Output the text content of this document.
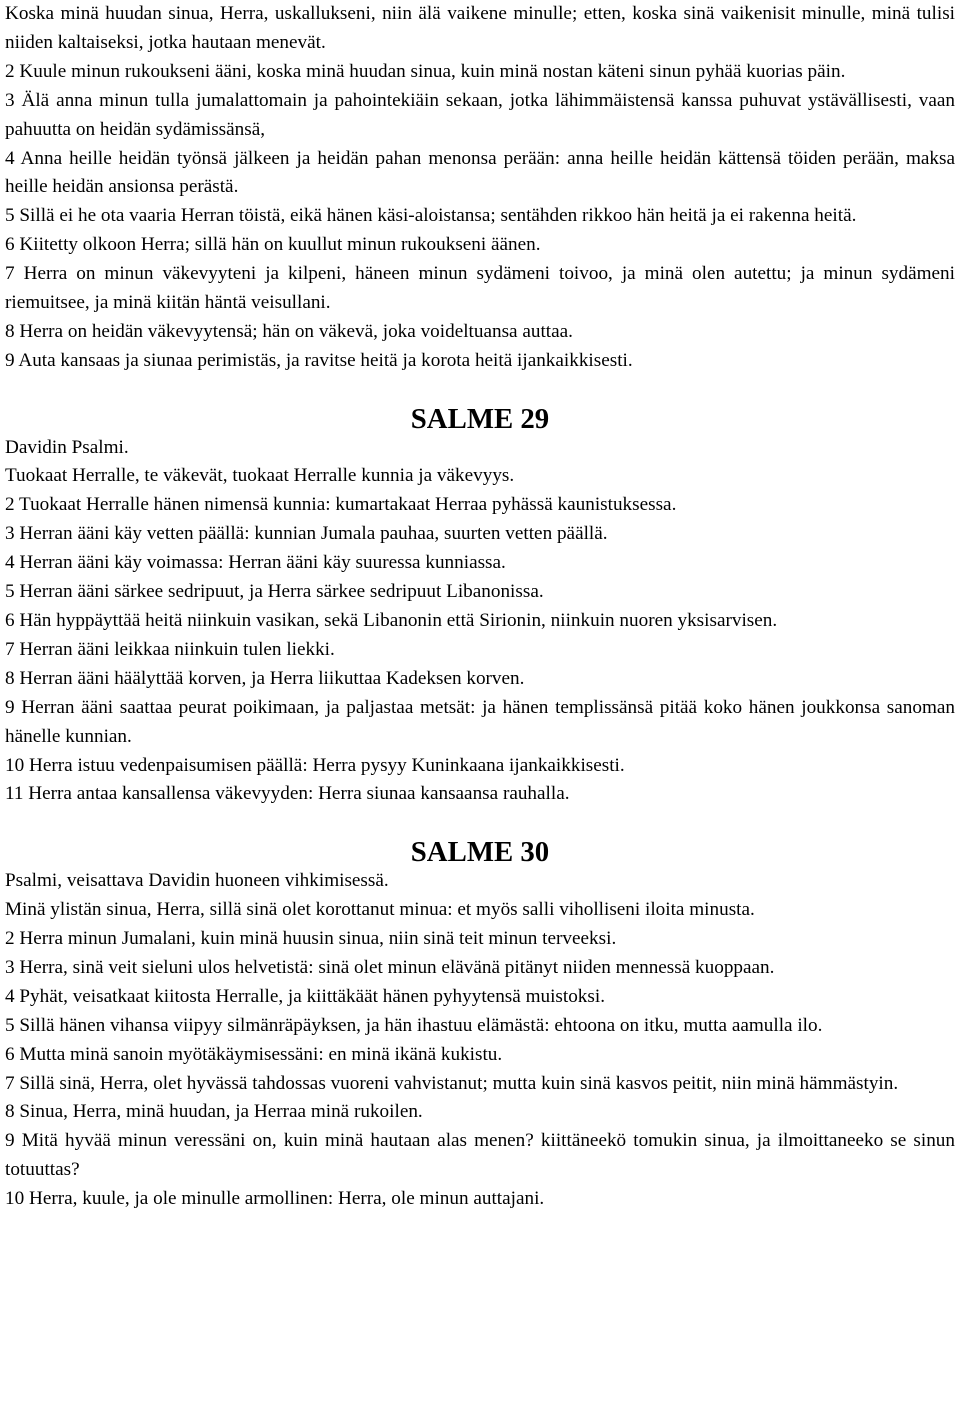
Koska minä huudan sinua, Herra, uskallukseni, niin älä vaikene minulle; etten, koska sinä vaikenisit minulle, minä tulisi niiden kaltaiseksi, jotka hautaan menevät.

2 Kuule minun rukoukseni ääni, koska minä huudan sinua, kuin minä nostan käteni sinun pyhää kuorias päin.

3 Älä anna minun tulla jumalattomain ja pahointekiäin sekaan, jotka lähimmäistensä kanssa puhuvat ystävällisesti, vaan pahuutta on heidän sydämissänsä,

4 Anna heille heidän työnsä jälkeen ja heidän pahan menonsa perään: anna heille heidän kättensä töiden perään, maksa heille heidän ansionsa perästä.

5 Sillä ei he ota vaaria Herran töistä, eikä hänen käsi-aloistansa; sentähden rikkoo hän heitä ja ei rakenna heitä.

6 Kiitetty olkoon Herra; sillä hän on kuullut minun rukoukseni äänen.

7 Herra on minun väkevyyteni ja kilpeni, häneen minun sydämeni toivoo, ja minä olen autettu; ja minun sydämeni riemuitsee, ja minä kiitän häntä veisullani.

8 Herra on heidän väkevyytensä; hän on väkevä, joka voideltuansa auttaa.

9 Auta kansaas ja siunaa perimistäs, ja ravitse heitä ja korota heitä ijankaikkisesti.

SALME 29

Davidin Psalmi.

Tuokaat Herralle, te väkevät, tuokaat Herralle kunnia ja väkevyys.

2 Tuokaat Herralle hänen nimensä kunnia: kumartakaat Herraa pyhässä kaunistuksessa.

3 Herran ääni käy vetten päällä: kunnian Jumala pauhaa, suurten vetten päällä.

4 Herran ääni käy voimassa: Herran ääni käy suuressa kunniassa.

5 Herran ääni särkee sedripuut, ja Herra särkee sedripuut Libanonissa.

6 Hän hyppäyttää heitä niinkuin vasikan, sekä Libanonin että Sirionin, niinkuin nuoren yksisarvisen.

7 Herran ääni leikkaa niinkuin tulen liekki.

8 Herran ääni häälyttää korven, ja Herra liikuttaa Kadeksen korven.

9 Herran ääni saattaa peurat poikimaan, ja paljastaa metsät: ja hänen templissänsä pitää koko hänen joukkonsa sanoman hänelle kunnian.

10 Herra istuu vedenpaisumisen päällä: Herra pysyy Kuninkaana ijankaikkisesti.

11 Herra antaa kansallensa väkevyyden: Herra siunaa kansaansa rauhalla.

SALME 30

Psalmi, veisattava Davidin huoneen vihkimisessä.

Minä ylistän sinua, Herra, sillä sinä olet korottanut minua: et myös salli viholliseni iloita minusta.

2 Herra minun Jumalani, kuin minä huusin sinua, niin sinä teit minun terveeksi.

3 Herra, sinä veit sieluni ulos helvetistä: sinä olet minun elävänä pitänyt niiden mennessä kuoppaan.

4 Pyhät, veisatkaat kiitosta Herralle, ja kiittäkäät hänen pyhyytensä muistoksi.

5 Sillä hänen vihansa viipyy silmänräpäyksen, ja hän ihastuu elämästä: ehtoona on itku, mutta aamulla ilo.

6 Mutta minä sanoin myötäkäymisessäni: en minä ikänä kukistu.

7 Sillä sinä, Herra, olet hyvässä tahdossas vuoreni vahvistanut; mutta kuin sinä kasvos peitit, niin minä hämmästyin.

8 Sinua, Herra, minä huudan, ja Herraa minä rukoilen.

9 Mitä hyvää minun veressäni on, kuin minä hautaan alas menen? kiittäneekö tomukin sinua, ja ilmoittaneeko se sinun totuuttas?

10 Herra, kuule, ja ole minulle armollinen: Herra, ole minun auttajani.
